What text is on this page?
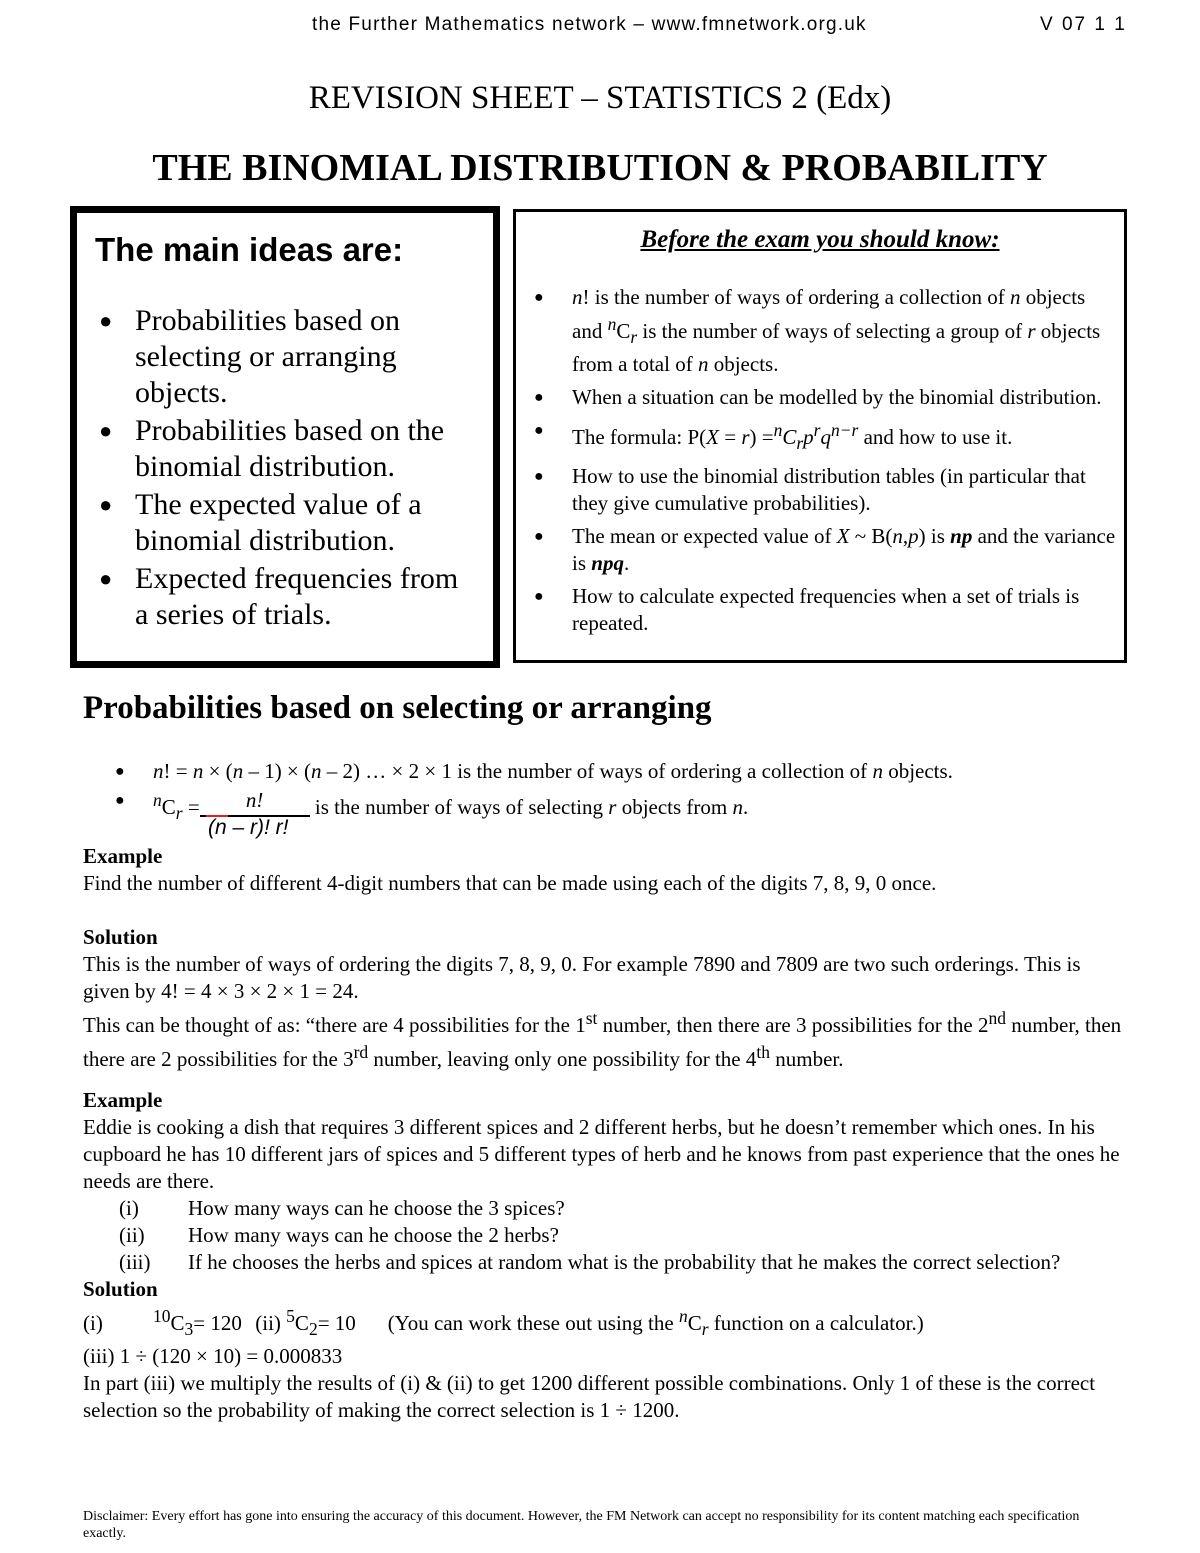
the Further Mathematics network – www.fmnetwork.org.uk	V 07 1 1
REVISION SHEET – STATISTICS 2 (Edx)
THE BINOMIAL DISTRIBUTION & PROBABILITY
The main ideas are:
● Probabilities based on selecting or arranging objects.
● Probabilities based on the binomial distribution.
● The expected value of a binomial distribution.
● Expected frequencies from a series of trials.
Before the exam you should know:
● n! is the number of ways of ordering a collection of n objects and $^nC_r$ is the number of ways of selecting a group of r objects from a total of n objects.
● When a situation can be modelled by the binomial distribution.
● The formula: $P(X = r) =^nC_rp^rq^{n-r}$ and how to use it.
● How to use the binomial distribution tables (in particular that they give cumulative probabilities).
● The mean or expected value of X ~ B(n,p) is np and the variance is npq.
● How to calculate expected frequencies when a set of trials is repeated.
Probabilities based on selecting or arranging
● n! = n × (n – 1) × (n – 2) … × 2 × 1 is the number of ways of ordering a collection of n objects.
● $^nC_r$ =	n!	is the number of ways of selecting r objects from n.
(n – r)! r!

Example

Find the number of different 4-digit numbers that can be made using each of the digits 7, 8, 9, 0 once.

Solution

This is the number of ways of ordering the digits 7, 8, 9, 0. For example 7890 and 7809 are two such orderings. This is given by 4! = 4 × 3 × 2 × 1 = 24.

This can be thought of as: “there are 4 possibilities for the 1st number, then there are 3 possibilities for the 2nd number, then there are 2 possibilities for the 3rd number, leaving only one possibility for the 4th number.

Example

Eddie is cooking a dish that requires 3 different spices and 2 different herbs, but he doesn’t remember which ones. In his cupboard he has 10 different jars of spices and 5 different types of herb and he knows from past experience that the ones he needs are there.

(i)	How many ways can he choose the 3 spices?
(ii)	How many ways can he choose the 2 herbs?
(iii)	If he chooses the herbs and spices at random what is the probability that he makes the correct selection?

Solution

(i)	$^{10}C_3= 120$ (ii) $^5C_2= 10$ (You can work these out using the $^nC_r$ function on a calculator.)

(iii) 1 ÷ (120 × 10) = 0.000833

In part (iii) we multiply the results of (i) & (ii) to get 1200 different possible combinations. Only 1 of these is the correct selection so the probability of making the correct selection is 1 ÷ 1200.

Disclaimer: Every effort has gone into ensuring the accuracy of this document. However, the FM Network can accept no responsibility for its content matching each specification exactly.
